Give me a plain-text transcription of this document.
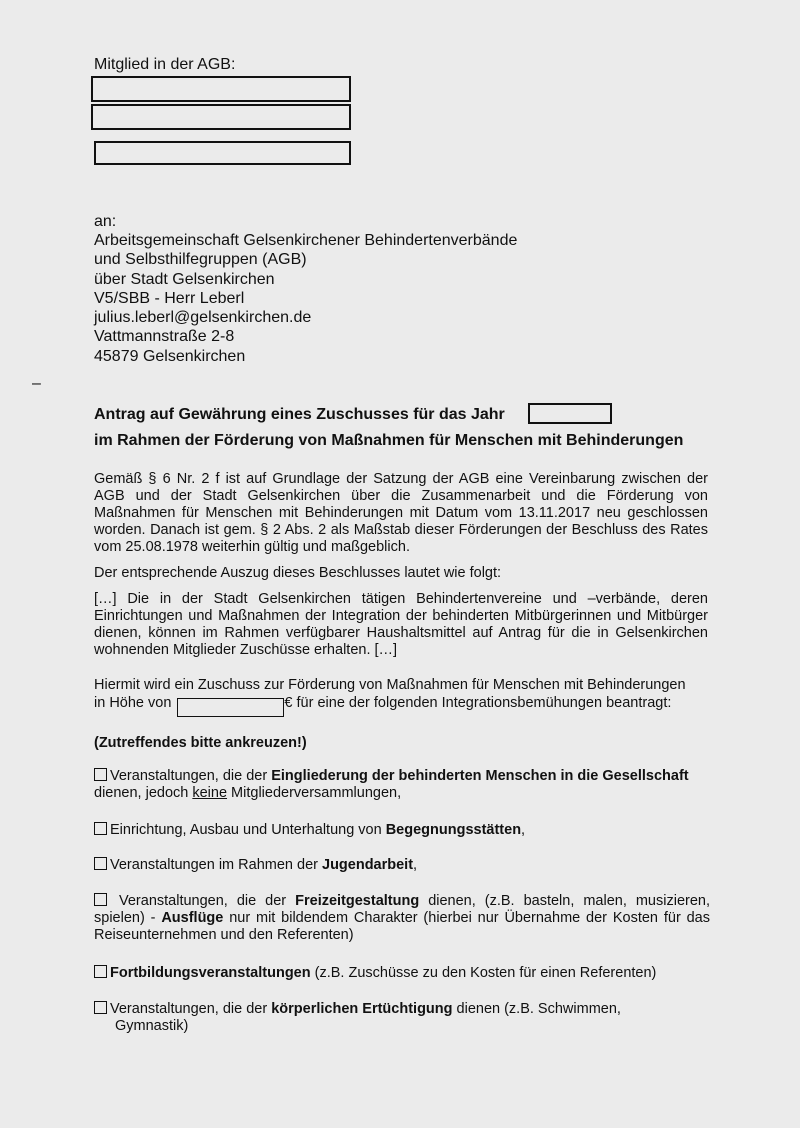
Mitglied in der AGB:
an:
Arbeitsgemeinschaft Gelsenkirchener Behindertenverbände
und Selbsthilfegruppen (AGB)
über Stadt Gelsenkirchen
V5/SBB - Herr Leberl
julius.leberl@gelsenkirchen.de
Vattmannstraße 2-8
45879 Gelsenkirchen
–
Antrag auf Gewährung eines Zuschusses für das Jahr
im Rahmen der Förderung von Maßnahmen für Menschen mit Behinderungen
Gemäß § 6 Nr. 2 f ist auf Grundlage der Satzung der AGB eine Vereinbarung zwischen der AGB und der Stadt Gelsenkirchen über die Zusammenarbeit und die Förderung von Maßnahmen für Menschen mit Behinderungen mit Datum vom 13.11.2017 neu geschlossen worden. Danach ist gem. § 2 Abs. 2 als Maßstab dieser Förderungen der Beschluss des Rates vom 25.08.1978 weiterhin gültig und maßgeblich.
Der entsprechende Auszug dieses Beschlusses lautet wie folgt:
[…] Die in der Stadt Gelsenkirchen tätigen Behindertenvereine und –verbände, deren Einrichtungen und Maßnahmen der Integration der behinderten Mitbürgerinnen und Mitbürger dienen, können im Rahmen verfügbarer Haushaltsmittel auf Antrag für die in Gelsenkirchen wohnenden Mitglieder Zuschüsse erhalten. […]
Hiermit wird ein Zuschuss zur Förderung von Maßnahmen für Menschen mit Behinderungen
in Höhe von	€ für eine der folgenden Integrationsbemühungen beantragt:
(Zutreffendes bitte ankreuzen!)
Veranstaltungen, die der Eingliederung der behinderten Menschen in die Gesellschaft
dienen, jedoch keine Mitgliederversammlungen,
Einrichtung, Ausbau und Unterhaltung von Begegnungsstätten,
Veranstaltungen im Rahmen der Jugendarbeit,
Veranstaltungen, die der Freizeitgestaltung dienen, (z.B. basteln, malen, musizieren, spielen) - Ausflüge nur mit bildendem Charakter (hierbei nur Übernahme der Kosten für das Reiseunternehmen und den Referenten)
Fortbildungsveranstaltungen (z.B. Zuschüsse zu den Kosten für einen Referenten)
Veranstaltungen, die der körperlichen Ertüchtigung dienen (z.B. Schwimmen,
Gymnastik)
